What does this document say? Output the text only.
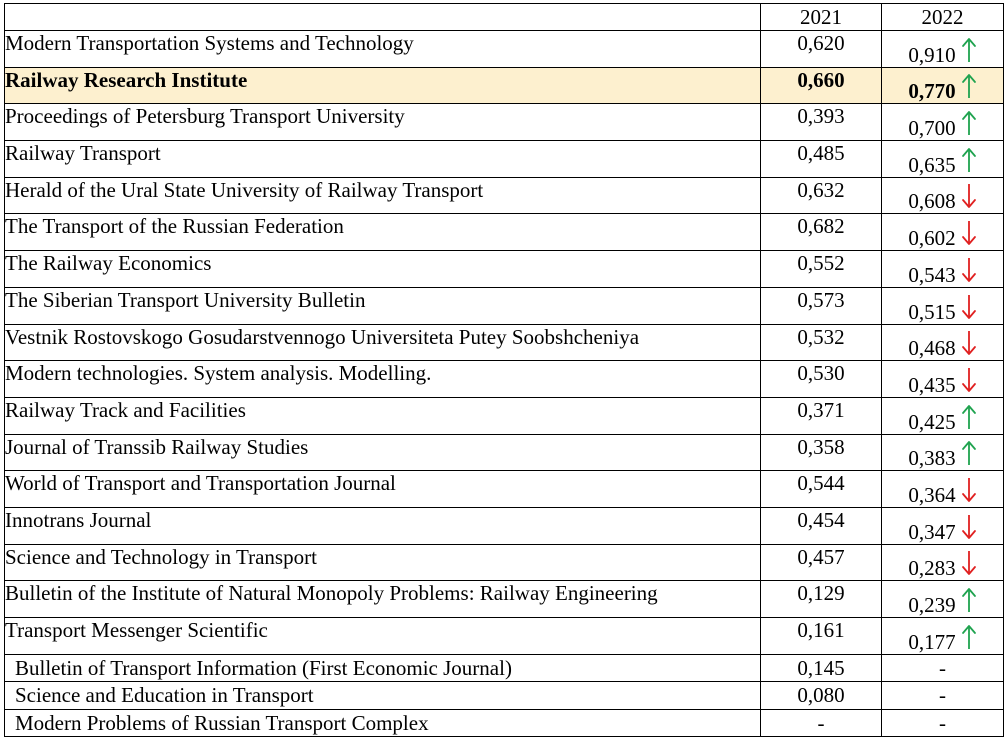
	2021	2022
Modern Transportation Systems and Technology	0,620	0,910

Railway Research Institute	0,660	0,770

Proceedings of Petersburg Transport University	0,393	0,700

Railway Transport	0,485	0,635

Herald of the Ural State University of Railway Transport	0,632	0,608

The Transport of the Russian Federation	0,682	0,602

The Railway Economics	0,552	0,543

The Siberian Transport University Bulletin	0,573	0,515

Vestnik Rostovskogo Gosudarstvennogo Universiteta Putey Soobshcheniya	0,532	0,468

Modern technologies. System analysis. Modelling.	0,530	0,435

Railway Track and Facilities	0,371	0,425

Journal of Transsib Railway Studies	0,358	0,383

World of Transport and Transportation Journal	0,544	0,364

Innotrans Journal	0,454	0,347

Science and Technology in Transport	0,457	0,283

Bulletin of the Institute of Natural Monopoly Problems: Railway Engineering	0,129	0,239

Transport Messenger Scientific	0,161	0,177

Bulletin of Transport Information (First Economic Journal)	0,145	-
Science and Education in Transport	0,080	-
Modern Problems of Russian Transport Complex	-	-
